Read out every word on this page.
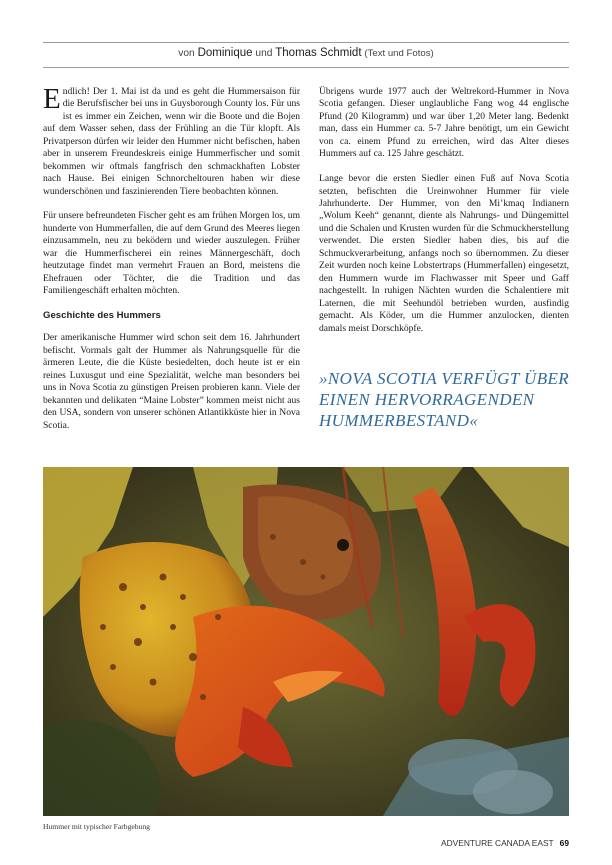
von Dominique und Thomas Schmidt (Text und Fotos)

Endlich! Der 1. Mai ist da und es geht die Hummersaison für die Berufsfischer bei uns in Guysborough County los. Für uns ist es immer ein Zeichen, wenn wir die Boote und die Bojen auf dem Wasser sehen, dass der Frühling an die Tür klopft. Als Privatperson dürfen wir leider den Hummer nicht befischen, haben aber in unserem Freundeskreis einige Hummerfischer und somit bekommen wir oftmals fangfrisch den schmackhaften Lobster nach Hause. Bei einigen Schnorcheltouren haben wir diese wunderschönen und faszinierenden Tiere beobachten können.

Für unsere befreundeten Fischer geht es am frühen Morgen los, um hunderte von Hummerfallen, die auf dem Grund des Meeres liegen einzusammeln, neu zu beködern und wieder auszulegen. Früher war die Hummerfischerei ein reines Männergeschäft, doch heutzutage findet man vermehrt Frauen an Bord, meistens die Ehefrauen oder Töchter, die die Tradition und das Familiengeschäft erhalten möchten.

Geschichte des Hummers

Der amerikanische Hummer wird schon seit dem 16. Jahrhundert befischt. Vormals galt der Hummer als Nahrungsquelle für die ärmeren Leute, die die Küste besiedelten, doch heute ist er ein reines Luxusgut und eine Spezialität, welche man besonders bei uns in Nova Scotia zu günstigen Preisen probieren kann. Viele der bekannten und delikaten “Maine Lobster” kommen meist nicht aus den USA, sondern von unserer schönen Atlantikküste hier in Nova Scotia.

Übrigens wurde 1977 auch der Weltrekord-Hummer in Nova Scotia gefangen. Dieser unglaubliche Fang wog 44 englische Pfund (20 Kilogramm) und war über 1,20 Meter lang. Bedenkt man, dass ein Hummer ca. 5-7 Jahre benötigt, um ein Gewicht von ca. einem Pfund zu erreichen, wird das Alter dieses Hummers auf ca. 125 Jahre geschätzt.

Lange bevor die ersten Siedler einen Fuß auf Nova Scotia setzten, befischten die Ureinwohner Hummer für viele Jahrhunderte. Der Hummer, von den Mi’kmaq Indianern „Wolum Keeh“ genannt, diente als Nahrungs- und Düngemittel und die Schalen und Krusten wurden für die Schmuckherstellung verwendet. Die ersten Siedler haben dies, bis auf die Schmuckverarbeitung, anfangs noch so übernommen. Zu dieser Zeit wurden noch keine Lobstertraps (Hummerfallen) eingesetzt, den Hummern wurde im Flachwasser mit Speer und Gaff nachgestellt. In ruhigen Nächten wurden die Schalentiere mit Laternen, die mit Seehundöl betrieben wurden, ausfindig gemacht. Als Köder, um die Hummer anzulocken, dienten damals meist Dorschköpfe.

»NOVA SCOTIA VERFÜGT ÜBER EINEN HERVORRAGENDEN HUMMERBESTAND«
Hummer mit typischer Farbgebung
ADVENTURE CANADA EAST 69
